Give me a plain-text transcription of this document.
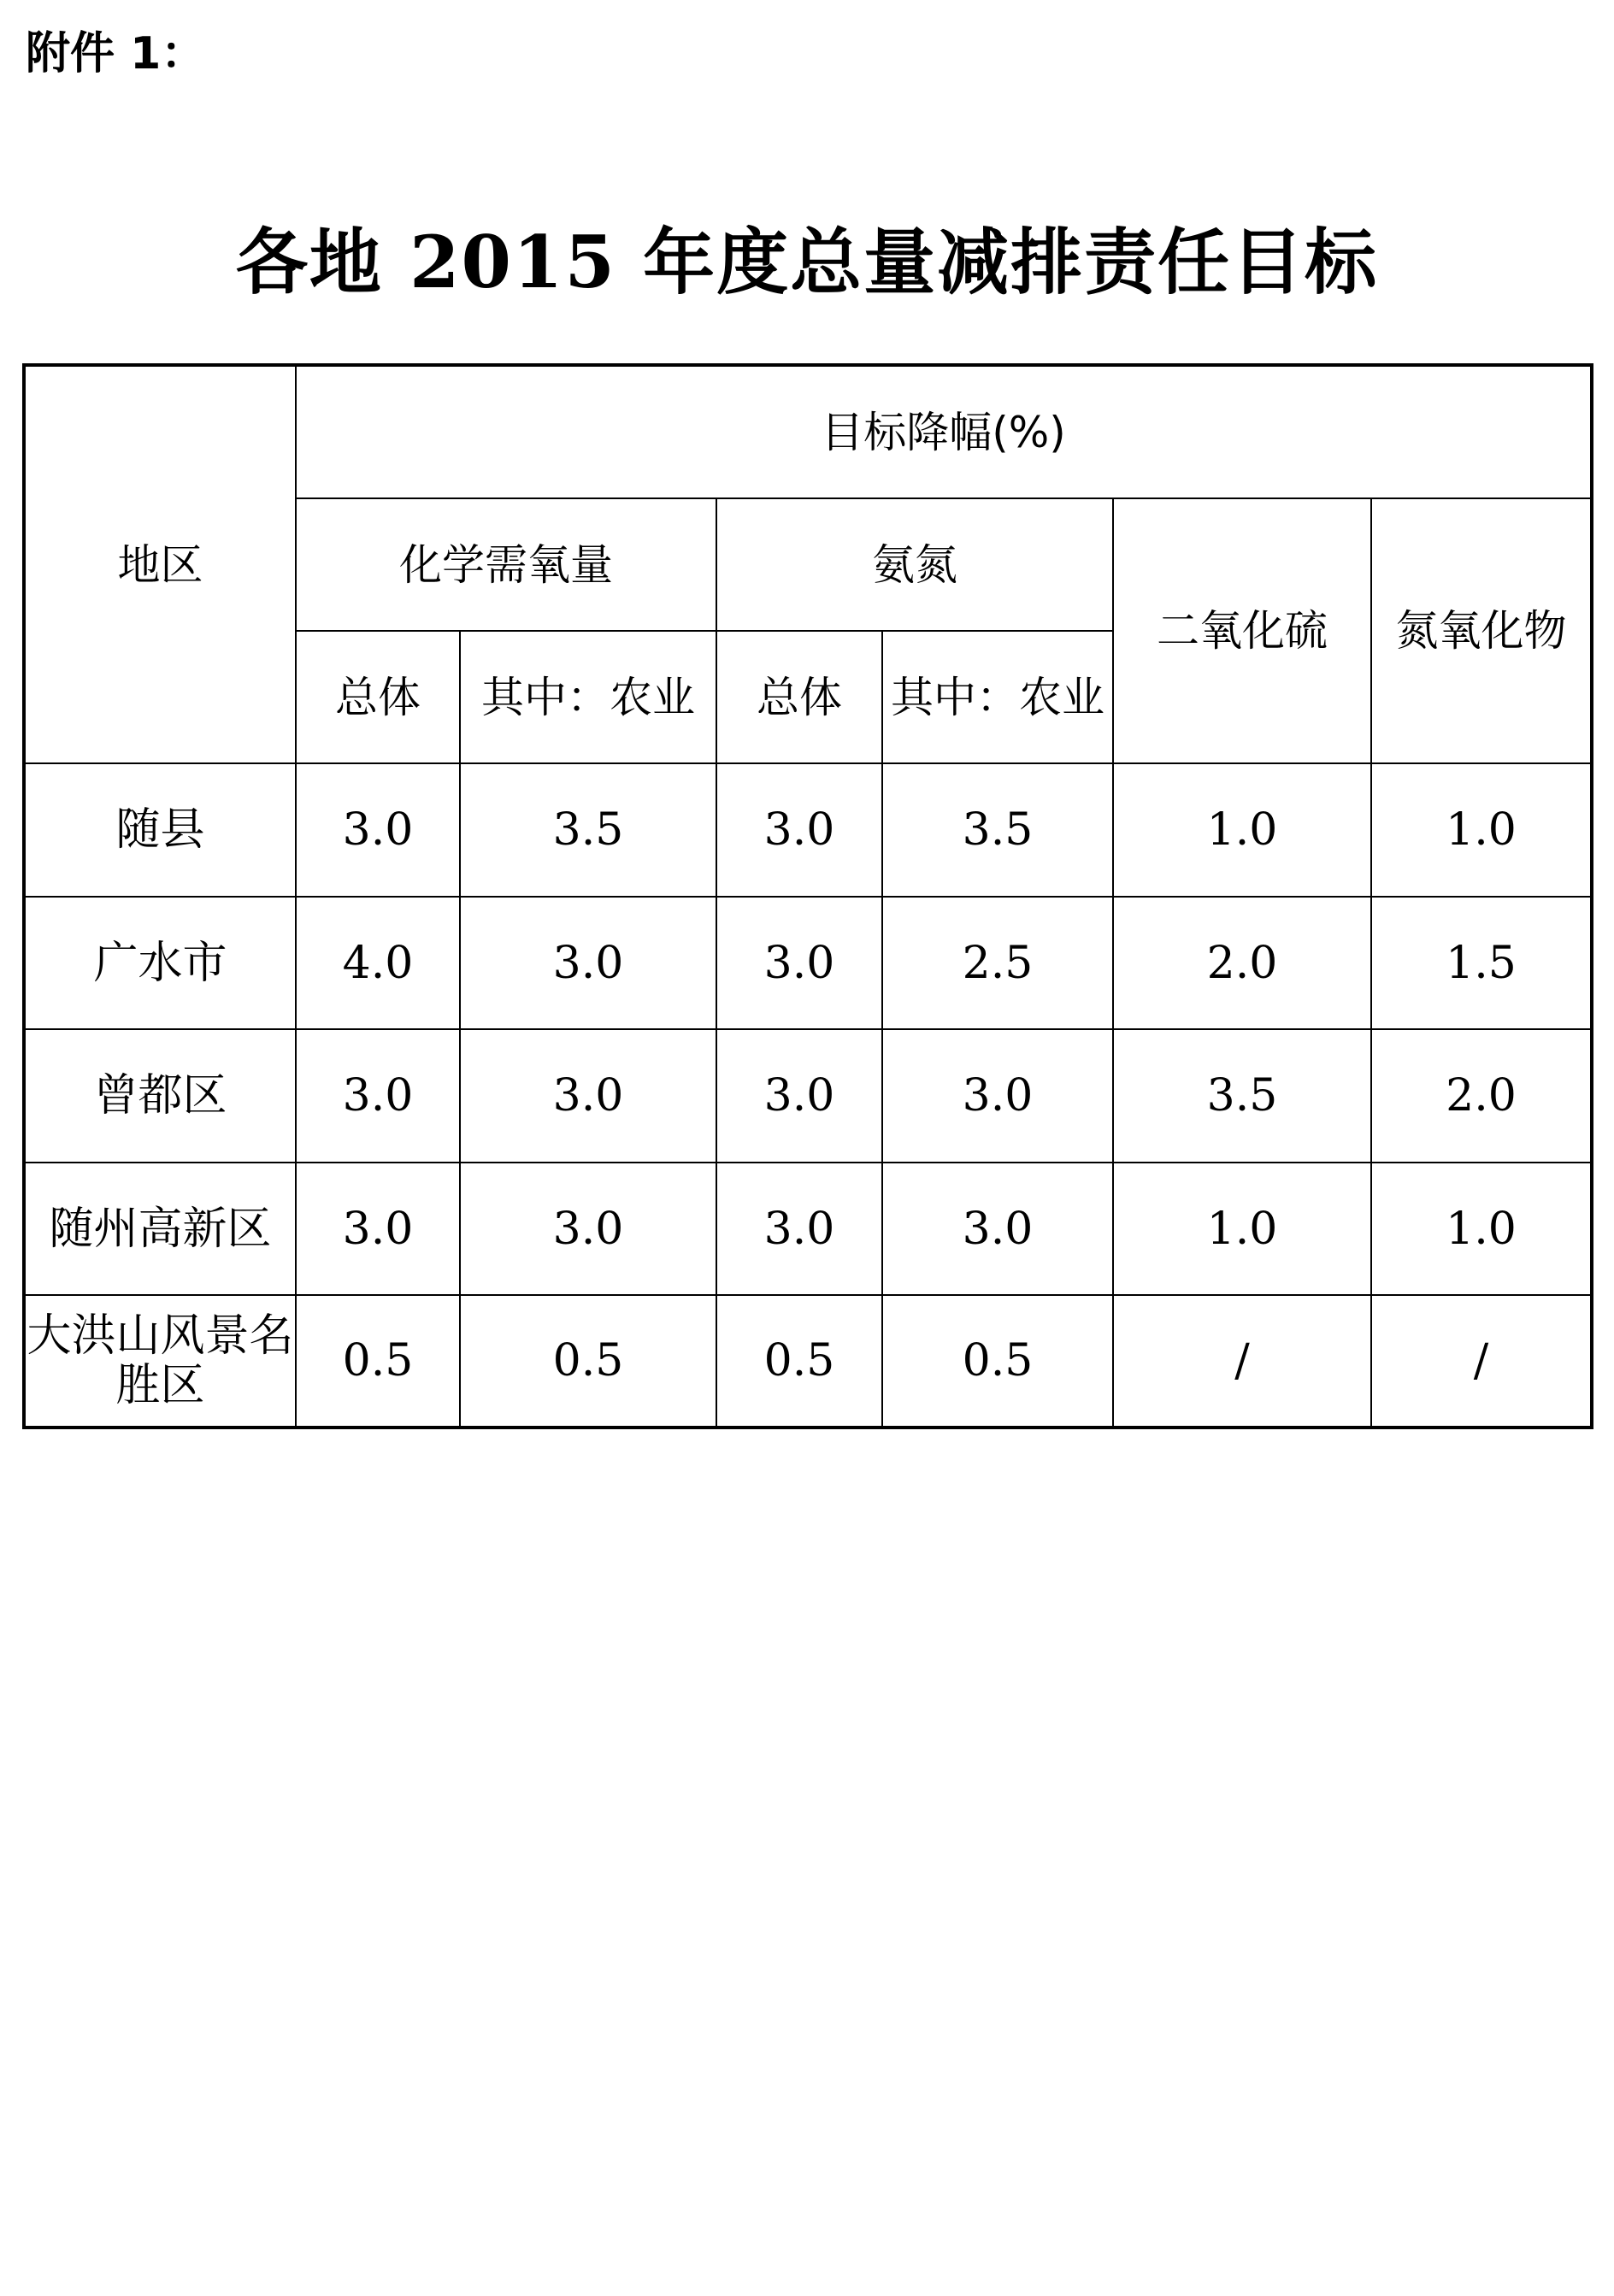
附件 1：
各地 2015 年度总量减排责任目标
地区	目标降幅(%)					
	化学需氧量		氨氮		二氧化硫	氮氧化物
	总体	其中：农业	总体	其中：农业		
随县	3.0	3.5	3.0	3.5	1.0	1.0
广水市	4.0	3.0	3.0	2.5	2.0	1.5
曾都区	3.0	3.0	3.0	3.0	3.5	2.0
随州高新区	3.0	3.0	3.0	3.0	1.0	1.0
大洪山风景名胜区	0.5	0.5	0.5	0.5	/	/
